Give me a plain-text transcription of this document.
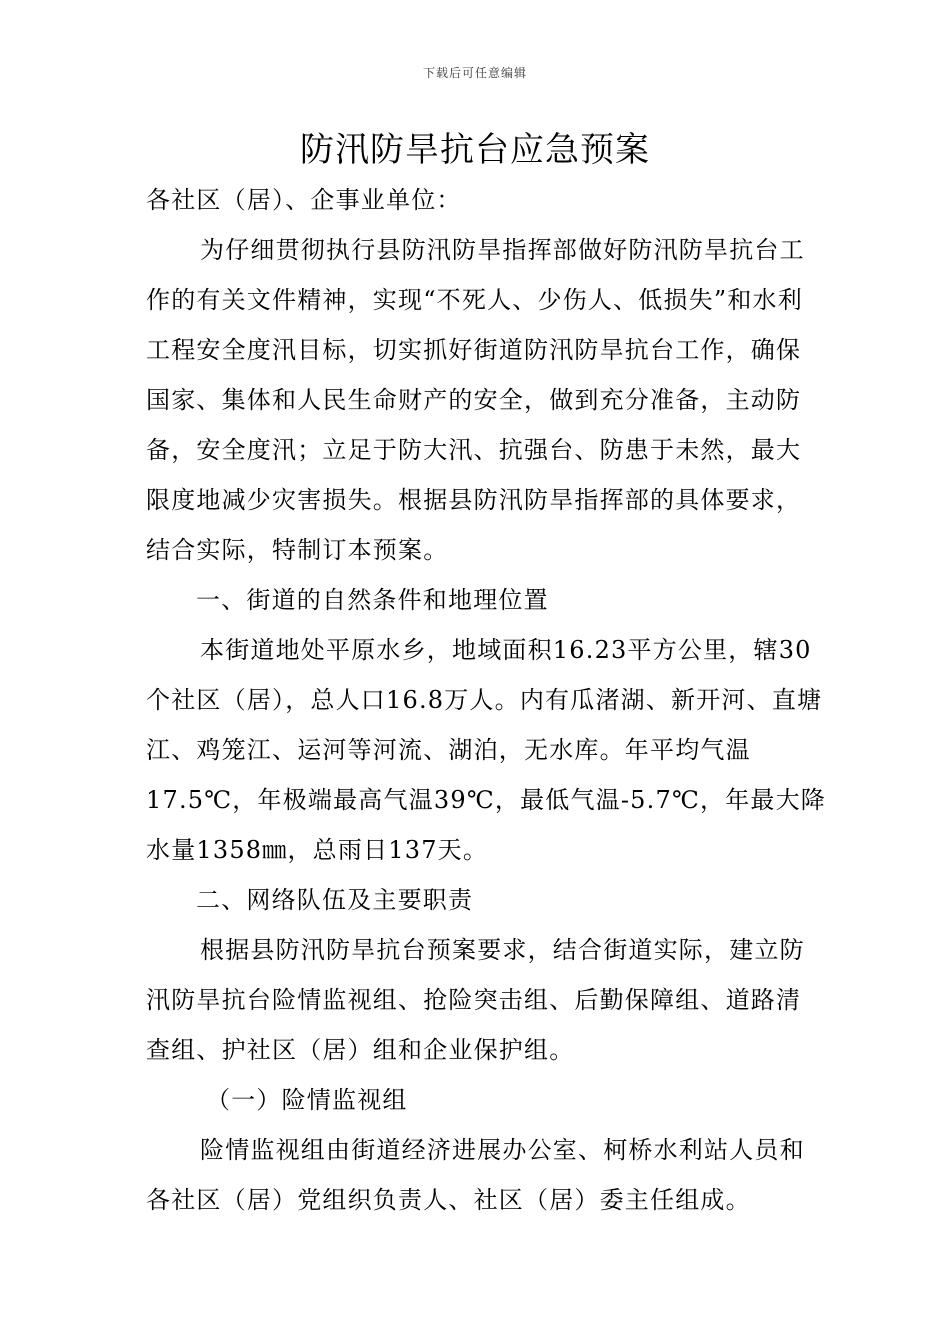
下载后可任意编辑
防汛防旱抗台应急预案

各社区（居）、企事业单位：

为仔细贯彻执行县防汛防旱指挥部做好防汛防旱抗台工作的有关文件精神，实现“不死人、少伤人、低损失”和水利工程安全度汛目标，切实抓好街道防汛防旱抗台工作，确保国家、集体和人民生命财产的安全，做到充分准备，主动防备，安全度汛；立足于防大汛、抗强台、防患于未然，最大限度地减少灾害损失。根据县防汛防旱指挥部的具体要求，结合实际，特制订本预案。

一、街道的自然条件和地理位置

本街道地处平原水乡，地域面积16.23平方公里，辖30个社区（居），总人口16.8万人。内有瓜渚湖、新开河、直塘江、鸡笼江、运河等河流、湖泊，无水库。年平均气温17.5℃，年极端最高气温39℃，最低气温-5.7℃，年最大降水量1358㎜，总雨日137天。

二、网络队伍及主要职责

根据县防汛防旱抗台预案要求，结合街道实际，建立防汛防旱抗台险情监视组、抢险突击组、后勤保障组、道路清查组、护社区（居）组和企业保护组。

（一）险情监视组

险情监视组由街道经济进展办公室、柯桥水利站人员和各社区（居）党组织负责人、社区（居）委主任组成。
